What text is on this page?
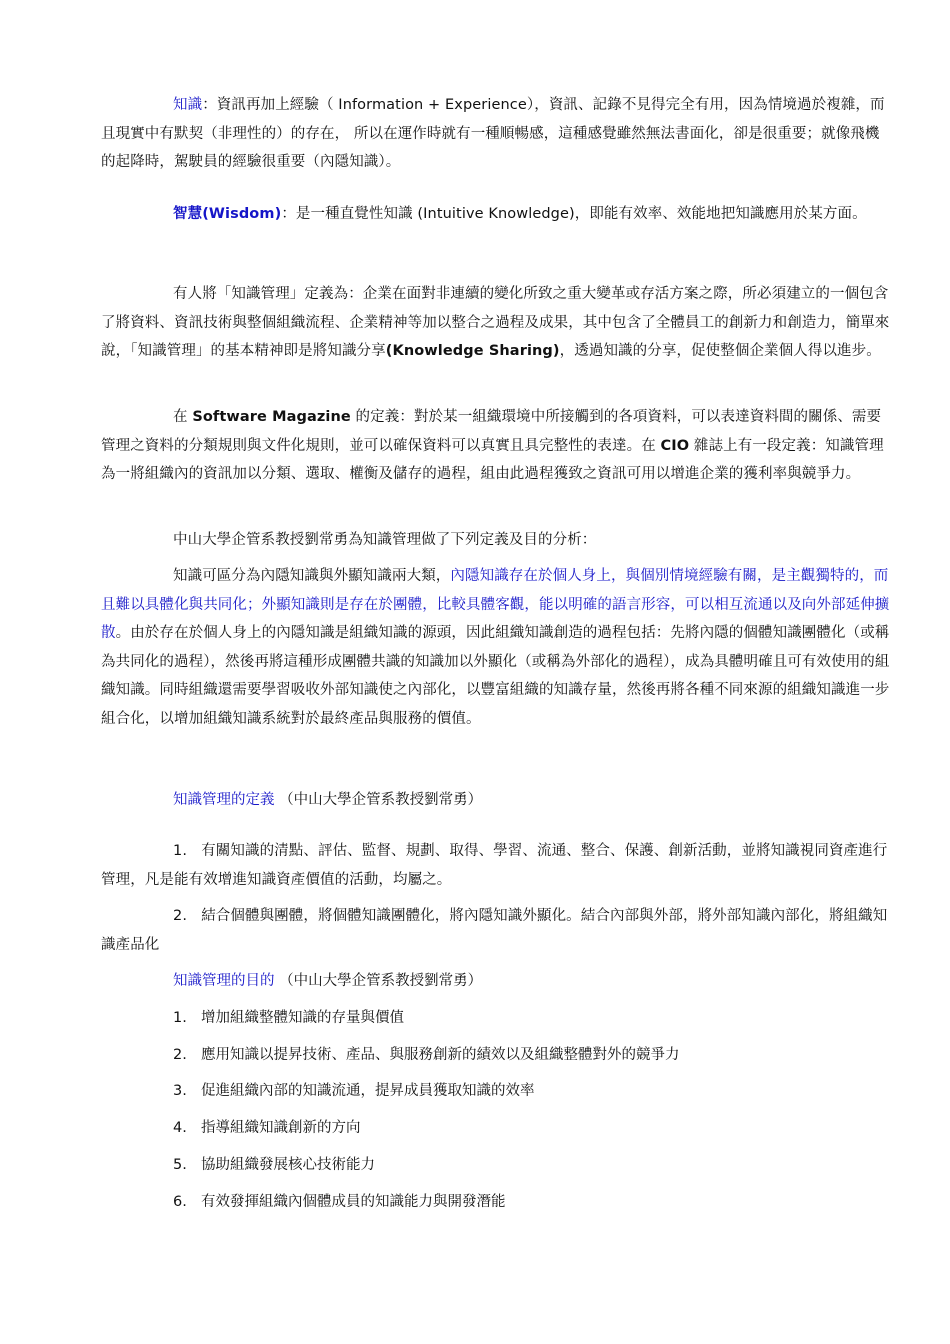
知識：資訊再加上經驗（ Information + Experience），資訊、記錄不見得完全有用，因為情境過於複雜，而且現實中有默契（非理性的）的存在， 所以在運作時就有一種順暢感，這種感覺雖然無法書面化，卻是很重要；就像飛機的起降時，駕駛員的經驗很重要（內隱知識）。

智慧(Wisdom)：是一種直覺性知識 (Intuitive Knowledge)，即能有效率、效能地把知識應用於某方面。

有人將「知識管理」定義為：企業在面對非連續的變化所致之重大變革或存活方案之際，所必須建立的一個包含了將資料、資訊技術與整個組織流程、企業精神等加以整合之過程及成果，其中包含了全體員工的創新力和創造力，簡單來說，「知識管理」的基本精神即是將知識分享(Knowledge Sharing)，透過知識的分享，促使整個企業個人得以進步。

在 Software Magazine 的定義：對於某一組織環境中所接觸到的各項資料，可以表達資料間的關係、需要管理之資料的分類規則與文件化規則，並可以確保資料可以真實且具完整性的表達。在 CIO 雜誌上有一段定義：知識管理為一將組織內的資訊加以分類、選取、權衡及儲存的過程，組由此過程獲致之資訊可用以增進企業的獲利率與競爭力。

中山大學企管系教授劉常勇為知識管理做了下列定義及目的分析：

知識可區分為內隱知識與外顯知識兩大類，內隱知識存在於個人身上，與個別情境經驗有關，是主觀獨特的，而且難以具體化與共同化；外顯知識則是存在於團體，比較具體客觀，能以明確的語言形容，可以相互流通以及向外部延伸擴散。由於存在於個人身上的內隱知識是組織知識的源頭，因此組織知識創造的過程包括：先將內隱的個體知識團體化（或稱為共同化的過程），然後再將這種形成團體共識的知識加以外顯化（或稱為外部化的過程），成為具體明確且可有效使用的組織知識。同時組織還需要學習吸收外部知識使之內部化，以豐富組織的知識存量，然後再將各種不同來源的組織知識進一步組合化，以增加組織知識系統對於最終產品與服務的價值。

知識管理的定義 （中山大學企管系教授劉常勇）

1. 有關知識的清點、評估、監督、規劃、取得、學習、流通、整合、保護、創新活動，並將知識視同資產進行管理，凡是能有效增進知識資產價值的活動，均屬之。

2. 結合個體與團體，將個體知識團體化，將內隱知識外顯化。結合內部與外部，將外部知識內部化，將組織知識產品化

知識管理的目的 （中山大學企管系教授劉常勇）
1. 增加組織整體知識的存量與價值
2. 應用知識以提昇技術、產品、與服務創新的績效以及組織整體對外的競爭力
3. 促進組織內部的知識流通，提昇成員獲取知識的效率
4. 指導組織知識創新的方向
5. 協助組織發展核心技術能力
6. 有效發揮組織內個體成員的知識能力與開發潛能
